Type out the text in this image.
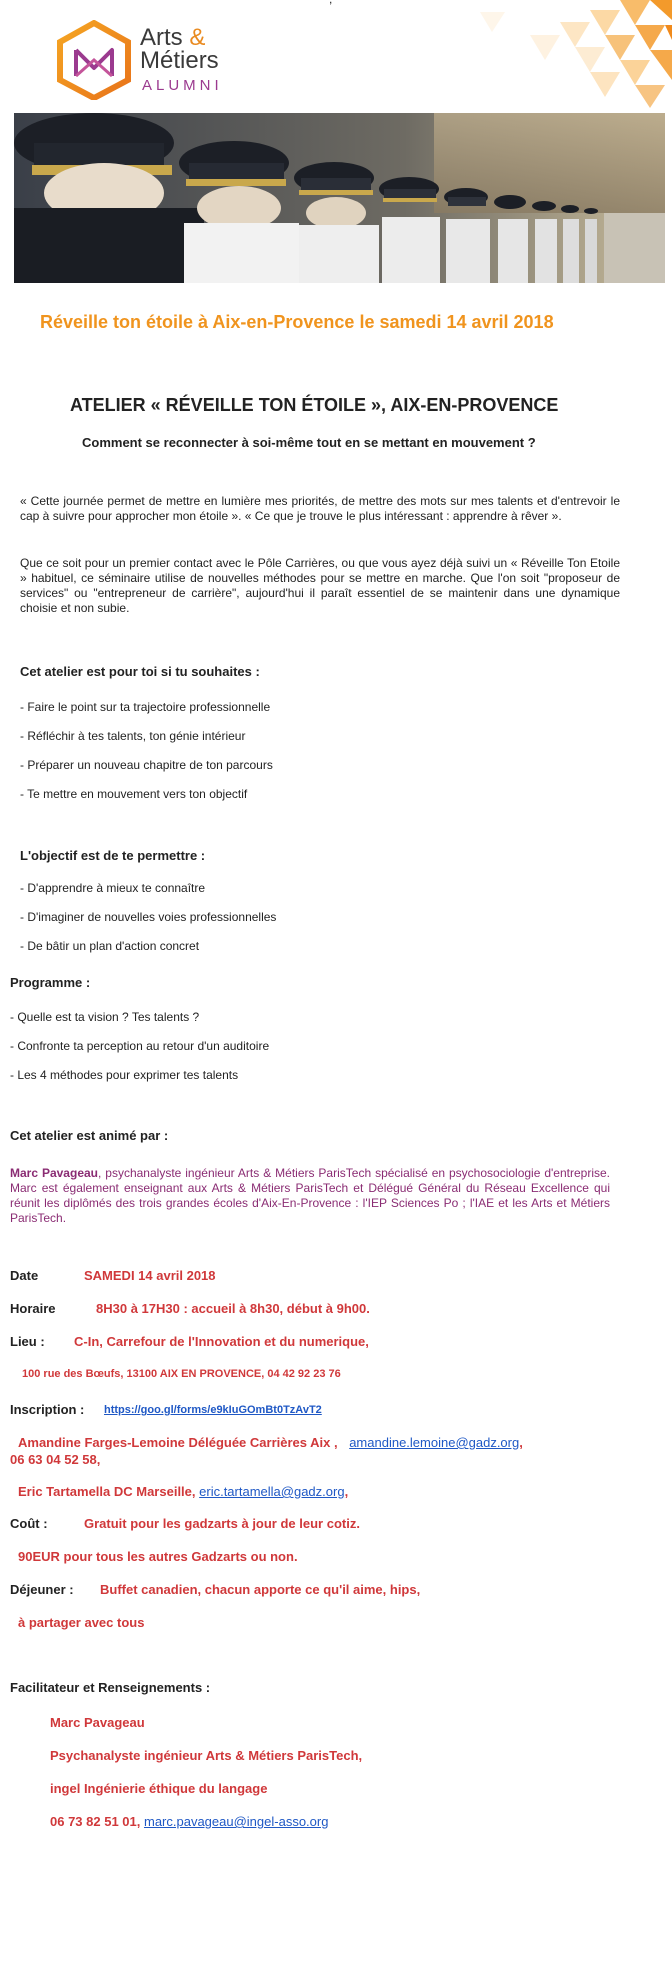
Arts &
Métiers
ALUMNI
Réveille ton étoile à Aix-en-Provence le samedi 14 avril 2018
ATELIER « RÉVEILLE TON ÉTOILE », AIX-EN-PROVENCE
Comment se reconnecter à soi-même tout en se mettant en mouvement ?
« Cette journée permet de mettre en lumière mes priorités, de mettre des mots sur mes talents et d'entrevoir le cap à suivre pour approcher mon étoile ». « Ce que je trouve le plus intéressant : apprendre à rêver ».
Que ce soit pour un premier contact avec le Pôle Carrières, ou que vous ayez déjà suivi un « Réveille Ton Etoile » habituel, ce séminaire utilise de nouvelles méthodes pour se mettre en marche. Que l'on soit "proposeur de services" ou "entrepreneur de carrière", aujourd'hui il paraît essentiel de se maintenir dans une dynamique choisie et non subie.
Cet atelier est pour toi si tu souhaites :
- Faire le point sur ta trajectoire professionnelle
- Réfléchir à tes talents, ton génie intérieur
- Préparer un nouveau chapitre de ton parcours
- Te mettre en mouvement vers ton objectif
L'objectif est de te permettre :
- D'apprendre à mieux te connaître
- D'imaginer de nouvelles voies professionnelles
- De bâtir un plan d'action concret
Programme :
- Quelle est ta vision ? Tes talents ?
- Confronte ta perception au retour d'un auditoire
- Les 4 méthodes pour exprimer tes talents
Cet atelier est animé par :
Marc Pavageau, psychanalyste ingénieur Arts & Métiers ParisTech spécialisé en psychosociologie d'entreprise. Marc est également enseignant aux Arts & Métiers ParisTech et Délégué Général du Réseau Excellence qui réunit les diplômés des trois grandes écoles d'Aix-En-Provence : l'IEP Sciences Po ; l'IAE et les Arts et Métiers ParisTech.
Date	SAMEDI 14 avril 2018
Horaire	8H30 à 17H30 : accueil à 8h30, début à 9h00.
Lieu : C-In, Carrefour de l'Innovation et du numerique,
100 rue des Bœufs, 13100 AIX EN PROVENCE, 04 42 92 23 76
Inscription : https://goo.gl/forms/e9kIuGOmBt0TzAvT2
Amandine Farges-Lemoine Déléguée Carrières Aix , amandine.lemoine@gadz.org,
06 63 04 52 58,
Eric Tartamella DC Marseille, eric.tartamella@gadz.org,
Coût :	Gratuit pour les gadzarts à jour de leur cotiz.
90EUR pour tous les autres Gadzarts ou non.
Déjeuner : Buffet canadien, chacun apporte ce qu'il aime, hips,
à partager avec tous
Facilitateur et Renseignements :
Marc Pavageau
Psychanalyste ingénieur Arts & Métiers ParisTech,
ingel Ingénierie éthique du langage
06 73 82 51 01, marc.pavageau@ingel-asso.org
